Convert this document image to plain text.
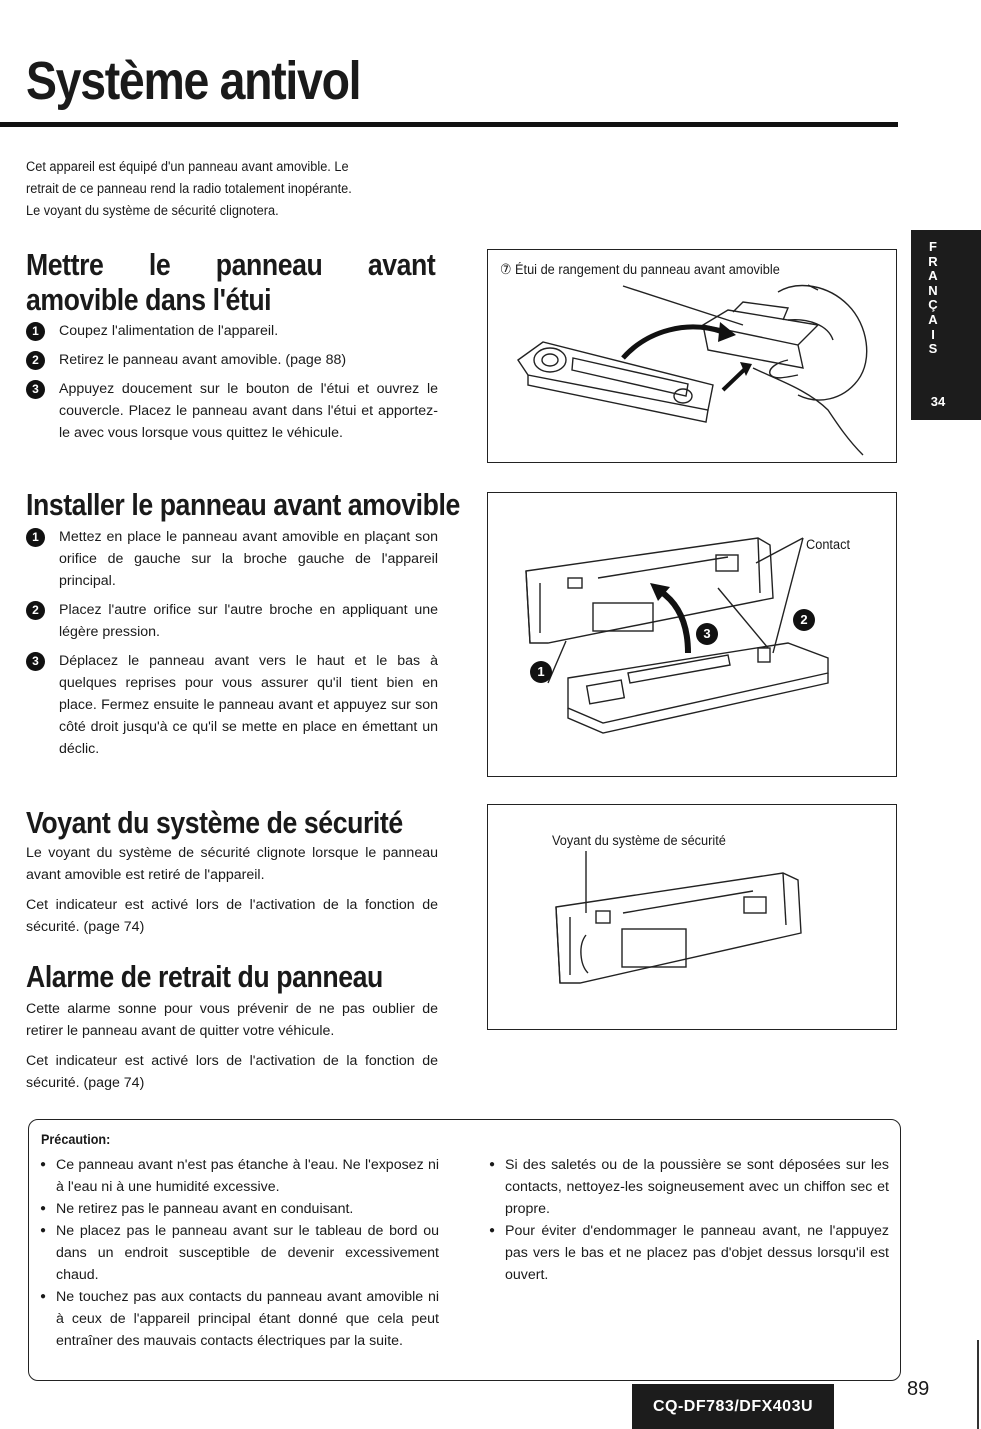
Système antivol

Cet appareil est équipé d'un panneau avant amovible. Le

retrait de ce panneau rend la radio totalement inopérante.

Le voyant du système de sécurité clignotera.

Mettre le panneau avant
amovible dans l'étui
1	Coupez l'alimentation de l'appareil.
2	Retirez le panneau avant amovible. (page 88)
3	Appuyez doucement sur le bouton de l'étui et ouvrez le couvercle. Placez le panneau avant dans l'étui et apportez-le avec vous lorsque vous quittez le véhicule.
⑦ Étui de rangement du panneau avant amovible
Installer le panneau avant amovible
1	Mettez en place le panneau avant amovible en plaçant son orifice de gauche sur la broche gauche de l'appareil principal.
2	Placez l'autre orifice sur l'autre broche en appliquant une légère pression.
3	Déplacez le panneau avant vers le haut et le bas à quelques reprises pour vous assurer qu'il tient bien en place. Fermez ensuite le panneau avant et appuyez sur son côté droit jusqu'à ce qu'il se mette en place en émettant un déclic.
Contact
1
2
3
Voyant du système de sécurité
Le voyant du système de sécurité clignote lorsque le panneau avant amovible est retiré de l'appareil.
Cet indicateur est activé lors de l'activation de la fonction de sécurité. (page 74)
Voyant du système de sécurité
Alarme de retrait du panneau
Cette alarme sonne pour vous prévenir de ne pas oublier de retirer le panneau avant de quitter votre véhicule.
Cet indicateur est activé lors de l'activation de la fonction de sécurité. (page 74)
F
R
A
N
Ç
A
I
S
34
Précaution:
● Ce panneau avant n'est pas étanche à l'eau. Ne l'exposez ni à l'eau ni à une humidité excessive.
● Ne retirez pas le panneau avant en conduisant.
● Ne placez pas le panneau avant sur le tableau de bord ou dans un endroit susceptible de devenir excessivement chaud.
● Ne touchez pas aux contacts du panneau avant amovible ni à ceux de l'appareil principal étant donné que cela peut entraîner des mauvais contacts électriques par la suite.
● Si des saletés ou de la poussière se sont déposées sur les contacts, nettoyez-les soigneusement avec un chiffon sec et propre.
● Pour éviter d'endommager le panneau avant, ne l'appuyez pas vers le bas et ne placez pas d'objet dessus lorsqu'il est ouvert.
CQ-DF783/DFX403U
89
